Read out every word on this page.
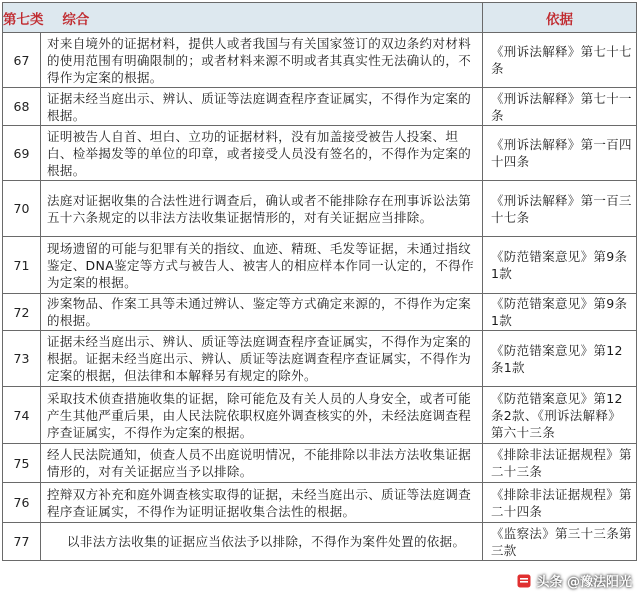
第七类 综合		依据
67	对来自境外的证据材料，提供人或者我国与有关国家签订的双边条约对材料的使用范围有明确限制的；或者材料来源不明或者其真实性无法确认的，不得作为定案的根据。	《刑诉法解释》第七十七条
68	证据未经当庭出示、辨认、质证等法庭调查程序查证属实，不得作为定案的根据。	《刑诉法解释》第七十一条
69	证明被告人自首、坦白、立功的证据材料，没有加盖接受被告人投案、坦白、检举揭发等的单位的印章，或者接受人员没有签名的，不得作为定案的根据。	《刑诉法解释》第一百四十四条
70	法庭对证据收集的合法性进行调查后，确认或者不能排除存在刑事诉讼法第五十六条规定的以非法方法收集证据情形的，对有关证据应当排除。	《刑诉法解释》第一百三十七条
71	现场遗留的可能与犯罪有关的指纹、血迹、精斑、毛发等证据，未通过指纹鉴定、DNA鉴定等方式与被告人、被害人的相应样本作同一认定的，不得作为定案的根据。	《防范错案意见》第9条1款
72	涉案物品、作案工具等未通过辨认、鉴定等方式确定来源的，不得作为定案的根据。	《防范错案意见》第9条1款
73	证据未经当庭出示、辨认、质证等法庭调查程序查证属实，不得作为定案的根据。证据未经当庭出示、辨认、质证等法庭调查程序查证属实，不得作为定案的根据，但法律和本解释另有规定的除外。	《防范错案意见》第12条1款
74	采取技术侦查措施收集的证据，除可能危及有关人员的人身安全，或者可能产生其他严重后果，由人民法院依职权庭外调查核实的外，未经法庭调查程序查证属实，不得作为定案的根据。	《防范错案意见》第12条2款、《刑诉法解释》第六十三条
75	经人民法院通知，侦查人员不出庭说明情况，不能排除以非法方法收集证据情形的，对有关证据应当予以排除。	《排除非法证据规程》第二十三条
76	控辩双方补充和庭外调查核实取得的证据，未经当庭出示、质证等法庭调查程序查证属实，不得作为证明证据收集合法性的根据。	《排除非法证据规程》第二十四条
77	以非法方法收集的证据应当依法予以排除，不得作为案件处置的依据。	《监察法》第三十三条第三款
头条 @豫法阳光
